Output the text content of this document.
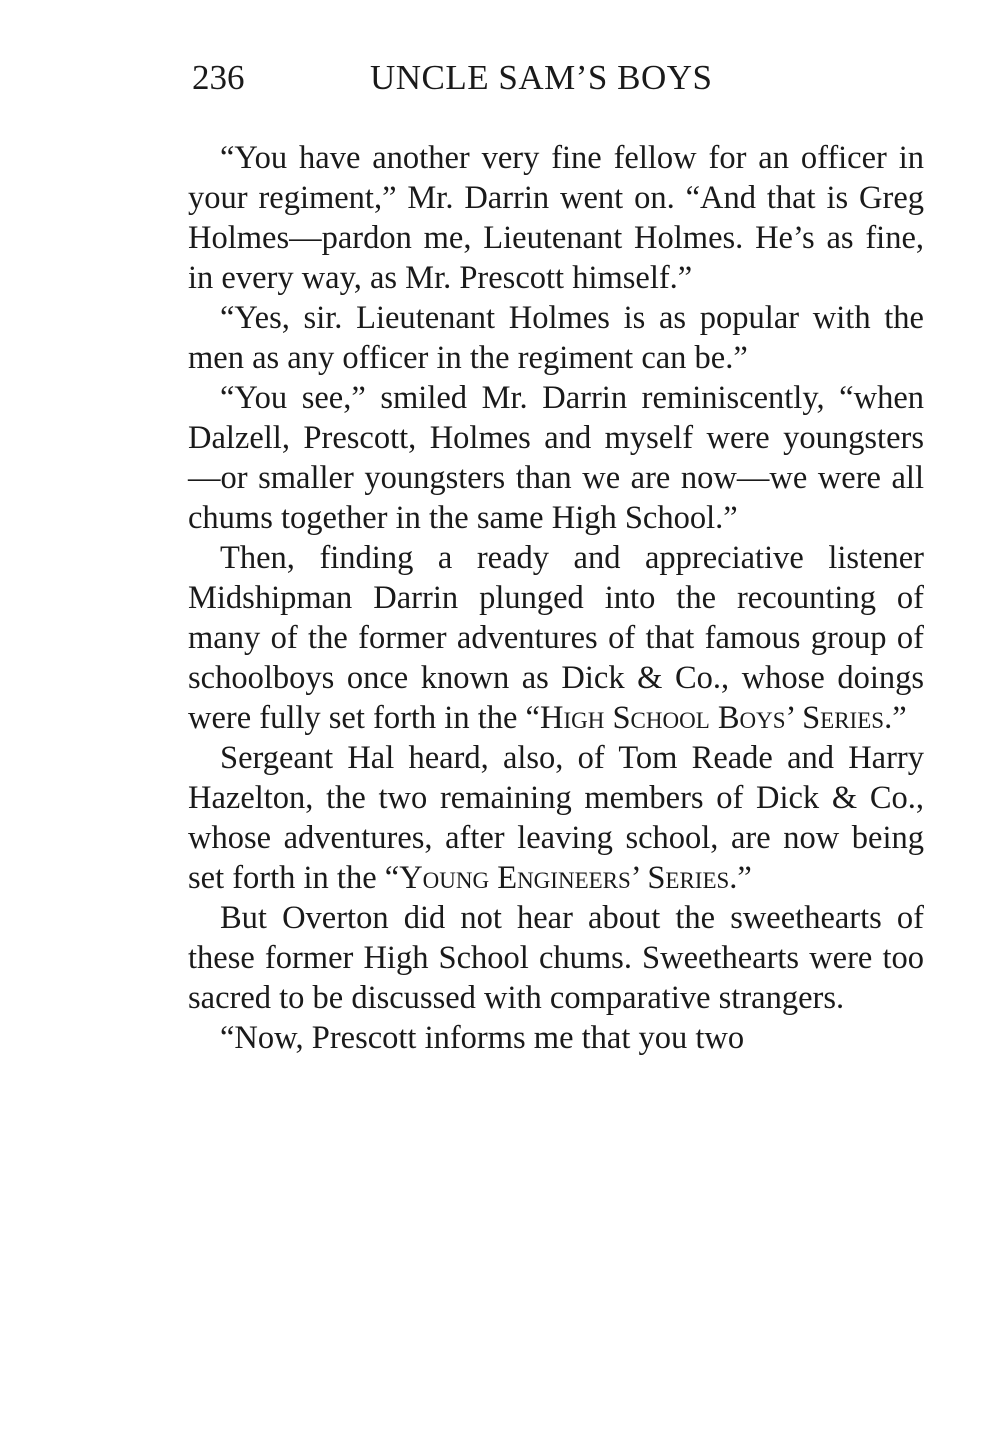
236	UNCLE SAM’S BOYS

“You have another very fine fellow for an officer in your regiment,” Mr. Darrin went on. “And that is Greg Holmes—pardon me, Lieutenant Holmes. He’s as fine, in every way, as Mr. Prescott himself.”

“Yes, sir. Lieutenant Holmes is as popular with the men as any officer in the regiment can be.”

“You see,” smiled Mr. Darrin reminiscently, “when Dalzell, Prescott, Holmes and myself were youngsters—or smaller youngsters than we are now—we were all chums together in the same High School.”

Then, finding a ready and appreciative listener Midshipman Darrin plunged into the recounting of many of the former adventures of that famous group of schoolboys once known as Dick & Co., whose doings were fully set forth in the “High School Boys’ Series.”

Sergeant Hal heard, also, of Tom Reade and Harry Hazelton, the two remaining members of Dick & Co., whose adventures, after leaving school, are now being set forth in the “Young Engineers’ Series.”

But Overton did not hear about the sweethearts of these former High School chums. Sweethearts were too sacred to be discussed with comparative strangers.

“Now, Prescott informs me that you two
